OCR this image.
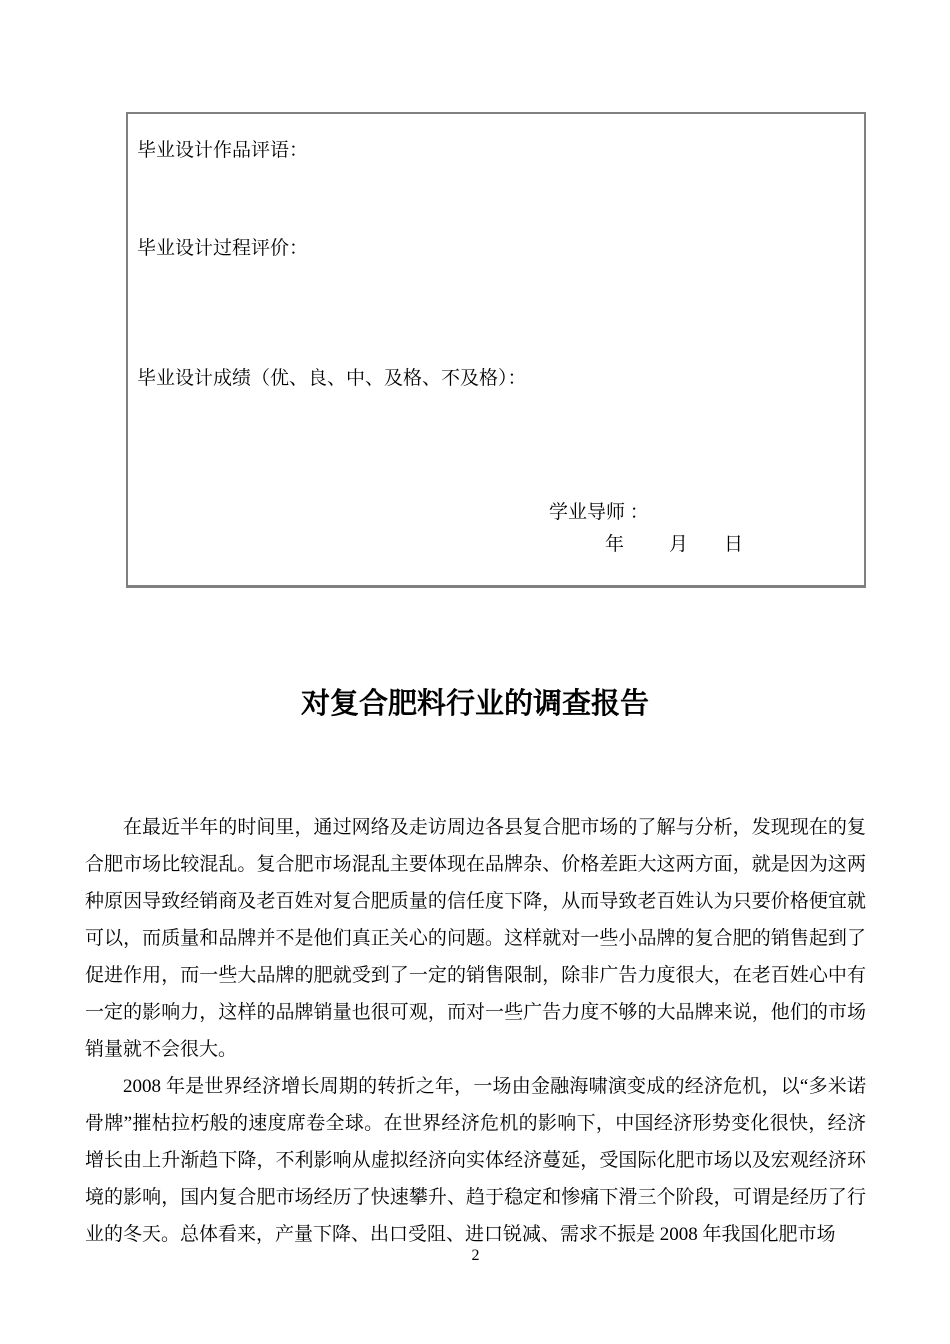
毕业设计作品评语：
毕业设计过程评价：
毕业设计成绩（优、良、中、及格、不及格）：
学业导师 ：
年 月 日
对复合肥料行业的调查报告

在最近半年的时间里，通过网络及走访周边各县复合肥市场的了解与分析，发现现在的复合肥市场比较混乱。复合肥市场混乱主要体现在品牌杂、价格差距大这两方面，就是因为这两种原因导致经销商及老百姓对复合肥质量的信任度下降，从而导致老百姓认为只要价格便宜就可以，而质量和品牌并不是他们真正关心的问题。这样就对一些小品牌的复合肥的销售起到了促进作用，而一些大品牌的肥就受到了一定的销售限制，除非广告力度很大，在老百姓心中有一定的影响力，这样的品牌销量也很可观，而对一些广告力度不够的大品牌来说，他们的市场销量就不会很大。

2008 年是世界经济增长周期的转折之年，一场由金融海啸演变成的经济危机，以“多米诺骨牌”摧枯拉朽般的速度席卷全球。在世界经济危机的影响下，中国经济形势变化很快，经济增长由上升渐趋下降，不利影响从虚拟经济向实体经济蔓延，受国际化肥市场以及宏观经济环境的影响，国内复合肥市场经历了快速攀升、趋于稳定和惨痛下滑三个阶段，可谓是经历了行业的冬天。总体看来，产量下降、出口受阻、进口锐减、需求不振是 2008 年我国化肥市场

2
